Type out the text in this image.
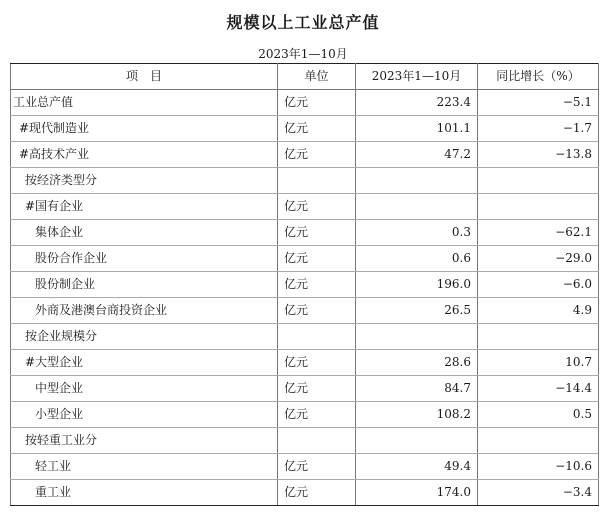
规模以上工业总产值
2023年1—10月
项　目	单位	2023年1—10月	同比增长（%）
工业总产值	亿元	223.4	−5.1
#现代制造业	亿元	101.1	−1.7
#高技术产业	亿元	47.2	−13.8
按经济类型分			
#国有企业	亿元		
集体企业	亿元	0.3	−62.1
股份合作企业	亿元	0.6	−29.0
股份制企业	亿元	196.0	−6.0
外商及港澳台商投资企业	亿元	26.5	4.9
按企业规模分			
#大型企业	亿元	28.6	10.7
中型企业	亿元	84.7	−14.4
小型企业	亿元	108.2	0.5
按轻重工业分			
轻工业	亿元	49.4	−10.6
重工业	亿元	174.0	−3.4
